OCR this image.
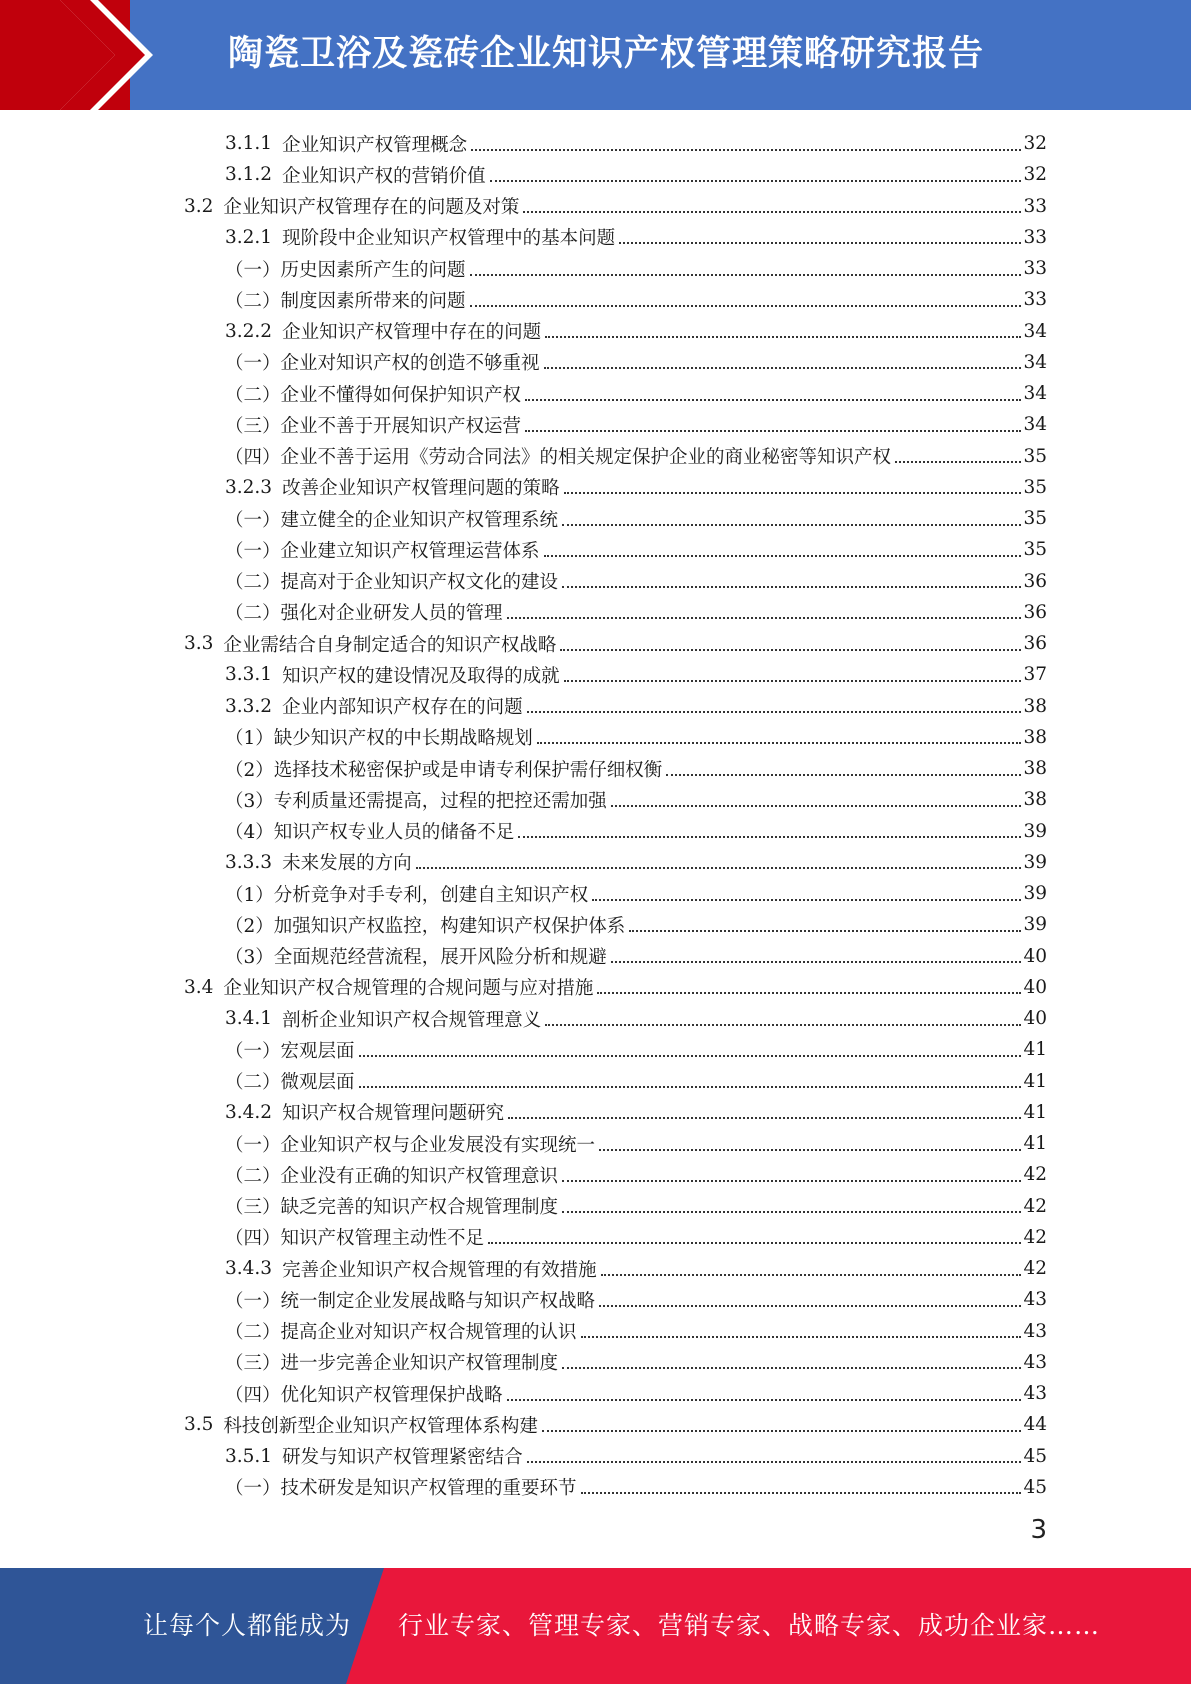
陶瓷卫浴及瓷砖企业知识产权管理策略研究报告
3.1.1 企业知识产权管理概念	32
3.1.2 企业知识产权的营销价值	32
3.2 企业知识产权管理存在的问题及对策	33
3.2.1 现阶段中企业知识产权管理中的基本问题	33
（一）历史因素所产生的问题	33
（二）制度因素所带来的问题	33
3.2.2 企业知识产权管理中存在的问题	34
（一）企业对知识产权的创造不够重视	34
（二）企业不懂得如何保护知识产权	34
（三）企业不善于开展知识产权运营	34
（四）企业不善于运用《劳动合同法》的相关规定保护企业的商业秘密等知识产权	35
3.2.3 改善企业知识产权管理问题的策略	35
（一）建立健全的企业知识产权管理系统	35
（一）企业建立知识产权管理运营体系	35
（二）提高对于企业知识产权文化的建设	36
（二）强化对企业研发人员的管理	36
3.3 企业需结合自身制定适合的知识产权战略	36
3.3.1 知识产权的建设情况及取得的成就	37
3.3.2 企业内部知识产权存在的问题	38
（1）缺少知识产权的中长期战略规划	38
（2）选择技术秘密保护或是申请专利保护需仔细权衡	38
（3）专利质量还需提高，过程的把控还需加强	38
（4）知识产权专业人员的储备不足	39
3.3.3 未来发展的方向	39
（1）分析竞争对手专利，创建自主知识产权	39
（2）加强知识产权监控，构建知识产权保护体系	39
（3）全面规范经营流程，展开风险分析和规避	40
3.4 企业知识产权合规管理的合规问题与应对措施	40
3.4.1 剖析企业知识产权合规管理意义	40
（一）宏观层面	41
（二）微观层面	41
3.4.2 知识产权合规管理问题研究	41
（一）企业知识产权与企业发展没有实现统一	41
（二）企业没有正确的知识产权管理意识	42
（三）缺乏完善的知识产权合规管理制度	42
（四）知识产权管理主动性不足	42
3.4.3 完善企业知识产权合规管理的有效措施	42
（一）统一制定企业发展战略与知识产权战略	43
（二）提高企业对知识产权合规管理的认识	43
（三）进一步完善企业知识产权管理制度	43
（四）优化知识产权管理保护战略	43
3.5 科技创新型企业知识产权管理体系构建	44
3.5.1 研发与知识产权管理紧密结合	45
（一）技术研发是知识产权管理的重要环节	45
3
让每个人都能成为 行业专家、管理专家、营销专家、战略专家、成功企业家……
